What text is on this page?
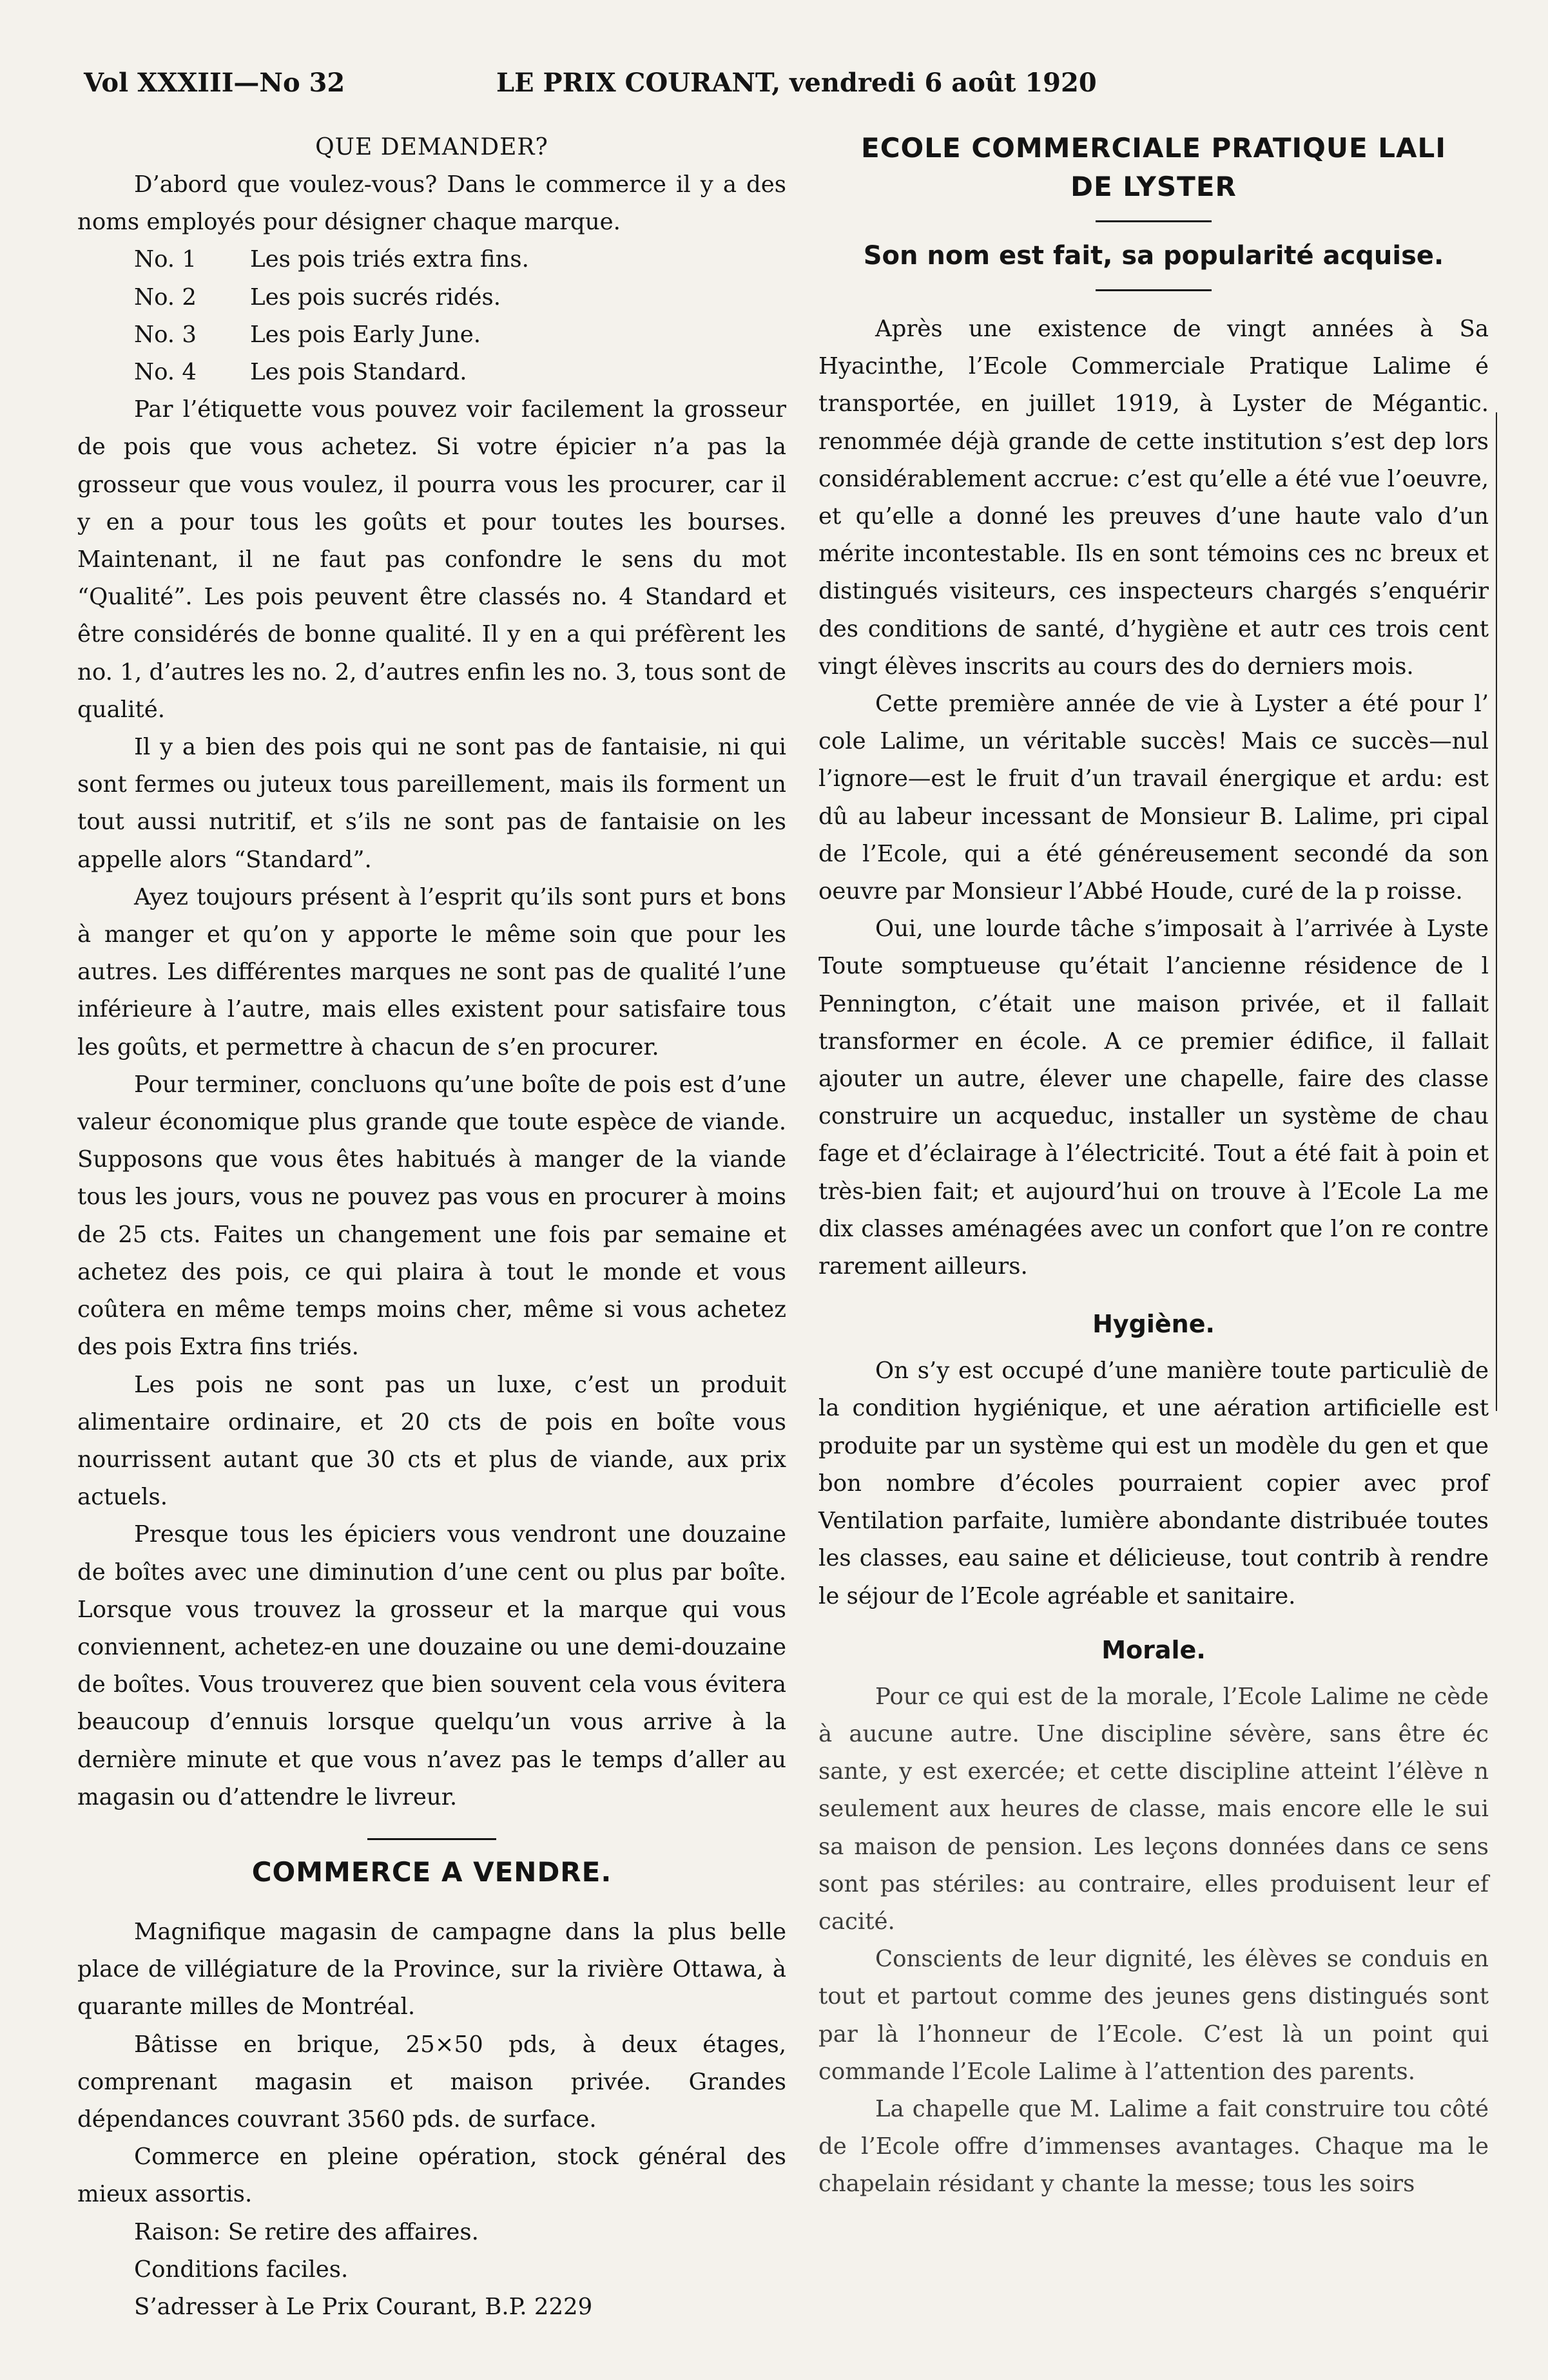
Vol XXXIII—No 32	LE PRIX COURANT, vendredi 6 août 1920
QUE DEMANDER?

D’abord que voulez-vous? Dans le commerce il y a des noms employés pour désigner chaque marque.

No. 1	Les pois triés extra fins.
No. 2	Les pois sucrés ridés.
No. 3	Les pois Early June.
No. 4	Les pois Standard.

Par l’étiquette vous pouvez voir facilement la grosseur de pois que vous achetez. Si votre épicier n’a pas la grosseur que vous voulez, il pourra vous les procurer, car il y en a pour tous les goûts et pour toutes les bourses. Maintenant, il ne faut pas confondre le sens du mot “Qualité”. Les pois peuvent être classés no. 4 Standard et être considérés de bonne qualité. Il y en a qui préfèrent les no. 1, d’autres les no. 2, d’autres enfin les no. 3, tous sont de qualité.

Il y a bien des pois qui ne sont pas de fantaisie, ni qui sont fermes ou juteux tous pareillement, mais ils forment un tout aussi nutritif, et s’ils ne sont pas de fantaisie on les appelle alors “Standard”.

Ayez toujours présent à l’esprit qu’ils sont purs et bons à manger et qu’on y apporte le même soin que pour les autres. Les différentes marques ne sont pas de qualité l’une inférieure à l’autre, mais elles existent pour satisfaire tous les goûts, et permettre à chacun de s’en procurer.

Pour terminer, concluons qu’une boîte de pois est d’une valeur économique plus grande que toute espèce de viande. Supposons que vous êtes habitués à manger de la viande tous les jours, vous ne pouvez pas vous en procurer à moins de 25 cts. Faites un changement une fois par semaine et achetez des pois, ce qui plaira à tout le monde et vous coûtera en même temps moins cher, même si vous achetez des pois Extra fins triés.

Les pois ne sont pas un luxe, c’est un produit alimentaire ordinaire, et 20 cts de pois en boîte vous nourrissent autant que 30 cts et plus de viande, aux prix actuels.

Presque tous les épiciers vous vendront une douzaine de boîtes avec une diminution d’une cent ou plus par boîte. Lorsque vous trouvez la grosseur et la marque qui vous conviennent, achetez-en une douzaine ou une demi-douzaine de boîtes. Vous trouverez que bien souvent cela vous évitera beaucoup d’ennuis lorsque quelqu’un vous arrive à la dernière minute et que vous n’avez pas le temps d’aller au magasin ou d’attendre le livreur.

COMMERCE A VENDRE.

Magnifique magasin de campagne dans la plus belle place de villégiature de la Province, sur la rivière Ottawa, à quarante milles de Montréal.

Bâtisse en brique, 25×50 pds, à deux étages, comprenant magasin et maison privée. Grandes dépendances couvrant 3560 pds. de surface.

Commerce en pleine opération, stock général des mieux assortis.

Raison: Se retire des affaires.

Conditions faciles.

S’adresser à Le Prix Courant, B.P. 2229

ECOLE COMMERCIALE PRATIQUE LALI
DE LYSTER
Son nom est fait, sa popularité acquise.

Après une existence de vingt années à Sa Hyacinthe, l’Ecole Commerciale Pratique Lalime é transportée, en juillet 1919, à Lyster de Mégantic. renommée déjà grande de cette institution s’est dep lors considérablement accrue: c’est qu’elle a été vue l’oeuvre, et qu’elle a donné les preuves d’une haute valo d’un mérite incontestable. Ils en sont témoins ces nc breux et distingués visiteurs, ces inspecteurs chargés s’enquérir des conditions de santé, d’hygiène et autr ces trois cent vingt élèves inscrits au cours des do derniers mois.

Cette première année de vie à Lyster a été pour l’ cole Lalime, un véritable succès! Mais ce succès—nul l’ignore—est le fruit d’un travail énergique et ardu: est dû au labeur incessant de Monsieur B. Lalime, pri cipal de l’Ecole, qui a été généreusement secondé da son oeuvre par Monsieur l’Abbé Houde, curé de la p roisse.

Oui, une lourde tâche s’imposait à l’arrivée à Lyste Toute somptueuse qu’était l’ancienne résidence de l Pennington, c’était une maison privée, et il fallait transformer en école. A ce premier édifice, il fallait ajouter un autre, élever une chapelle, faire des classe construire un acqueduc, installer un système de chau fage et d’éclairage à l’électricité. Tout a été fait à poin et très-bien fait; et aujourd’hui on trouve à l’Ecole La me dix classes aménagées avec un confort que l’on re contre rarement ailleurs.

Hygiène.

On s’y est occupé d’une manière toute particuliè de la condition hygiénique, et une aération artificielle est produite par un système qui est un modèle du gen et que bon nombre d’écoles pourraient copier avec prof Ventilation parfaite, lumière abondante distribuée toutes les classes, eau saine et délicieuse, tout contrib à rendre le séjour de l’Ecole agréable et sanitaire.

Morale.

Pour ce qui est de la morale, l’Ecole Lalime ne cède à aucune autre. Une discipline sévère, sans être éc sante, y est exercée; et cette discipline atteint l’élève n seulement aux heures de classe, mais encore elle le sui sa maison de pension. Les leçons données dans ce sens sont pas stériles: au contraire, elles produisent leur ef cacité.

Conscients de leur dignité, les élèves se conduis en tout et partout comme des jeunes gens distingués sont par là l’honneur de l’Ecole. C’est là un point qui commande l’Ecole Lalime à l’attention des parents.

La chapelle que M. Lalime a fait construire tou côté de l’Ecole offre d’immenses avantages. Chaque ma le chapelain résidant y chante la messe; tous les soirs
